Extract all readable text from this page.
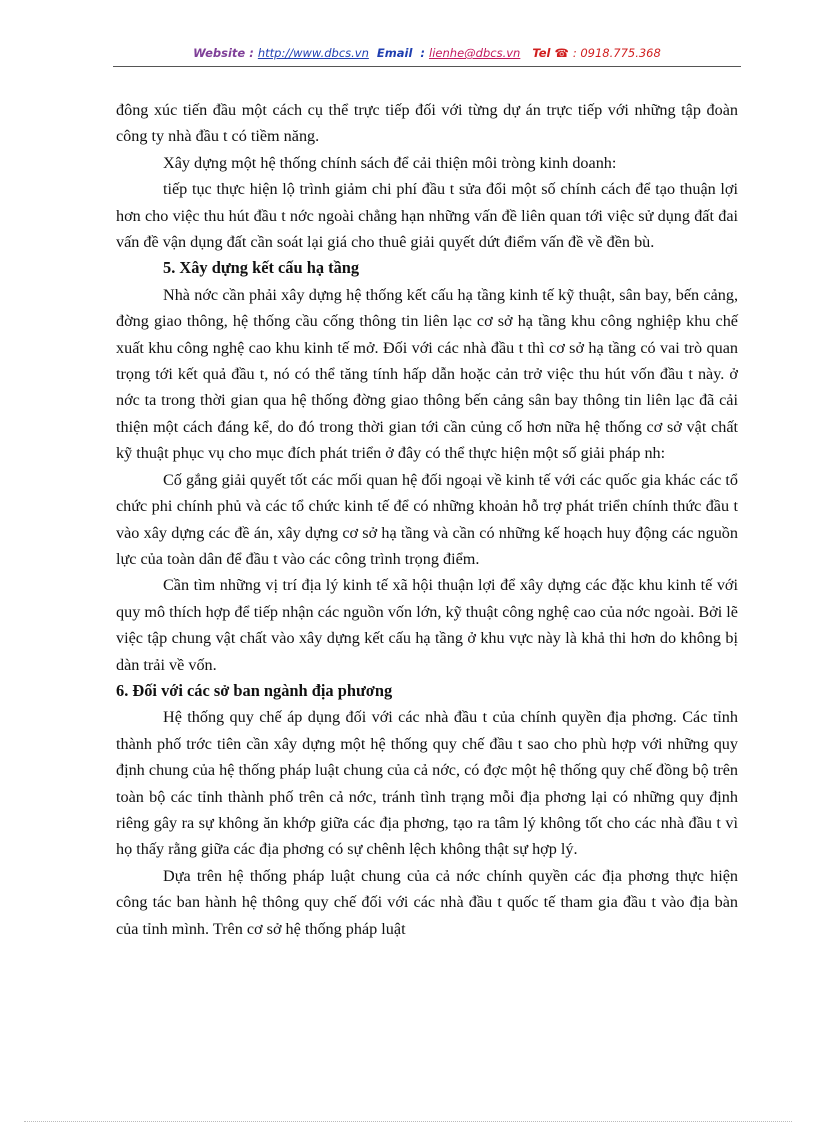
Website : http://www.dbcs.vn Email : lienhe@dbcs.vn Tel ☎ : 0918.775.368

đông xúc tiến đầu một cách cụ thể trực tiếp đối với từng dự án trực tiếp với những tập đoàn công ty nhà đầu t có tiềm năng.

Xây dựng một hệ thống chính sách để cải thiện môi tròng kinh doanh:

tiếp tục thực hiện lộ trình giảm chi phí đầu t sửa đổi một số chính cách để tạo thuận lợi hơn cho việc thu hút đầu t nớc ngoài chẳng hạn những vấn đề liên quan tới việc sử dụng đất đai vấn đề vận dụng đất cần soát lại giá cho thuê giải quyết dứt điểm vấn đề về đền bù.

5. Xây dựng kết cấu hạ tầng

Nhà nớc cần phải xây dựng hệ thống kết cấu hạ tầng kinh tế kỹ thuật, sân bay, bến cảng, đờng giao thông, hệ thống cầu cống thông tin liên lạc cơ sở hạ tầng khu công nghiệp khu chế xuất khu công nghệ cao khu kinh tế mở. Đối với các nhà đầu t thì cơ sở hạ tầng có vai trò quan trọng tới kết quả đầu t, nó có thể tăng tính hấp dẫn hoặc cản trở việc thu hút vốn đầu t này. ở nớc ta trong thời gian qua hệ thống đờng giao thông bến cảng sân bay thông tin liên lạc đã cải thiện một cách đáng kể, do đó trong thời gian tới cần củng cố hơn nữa hệ thống cơ sở vật chất kỹ thuật phục vụ cho mục đích phát triển ở đây có thể thực hiện một số giải pháp nh:

Cố gắng giải quyết tốt các mối quan hệ đối ngoại về kinh tế với các quốc gia khác các tổ chức phi chính phủ và các tổ chức kinh tế để có những khoản hỗ trợ phát triển chính thức đầu t vào xây dựng các đề án, xây dựng cơ sở hạ tầng và cần có những kế hoạch huy động các nguồn lực của toàn dân để đầu t vào các công trình trọng điểm.

Cần tìm những vị trí địa lý kinh tế xã hội thuận lợi để xây dựng các đặc khu kinh tế với quy mô thích hợp để tiếp nhận các nguồn vốn lớn, kỹ thuật công nghệ cao của nớc ngoài. Bởi lẽ việc tập chung vật chất vào xây dựng kết cấu hạ tầng ở khu vực này là khả thi hơn do không bị dàn trải về vốn.

6. Đối với các sở ban ngành địa phương

Hệ thống quy chế áp dụng đối với các nhà đầu t của chính quyền địa phơng. Các tỉnh thành phố trớc tiên cần xây dựng một hệ thống quy chế đầu t sao cho phù hợp với những quy định chung của hệ thống pháp luật chung của cả nớc, có đợc một hệ thống quy chế đồng bộ trên toàn bộ các tỉnh thành phố trên cả nớc, tránh tình trạng mỗi địa phơng lại có những quy định riêng gây ra sự không ăn khớp giữa các địa phơng, tạo ra tâm lý không tốt cho các nhà đầu t vì họ thấy rằng giữa các địa phơng có sự chênh lệch không thật sự hợp lý.

Dựa trên hệ thống pháp luật chung của cả nớc chính quyền các địa phơng thực hiện công tác ban hành hệ thông quy chế đối với các nhà đầu t quốc tế tham gia đầu t vào địa bàn của tỉnh mình. Trên cơ sở hệ thống pháp luật
